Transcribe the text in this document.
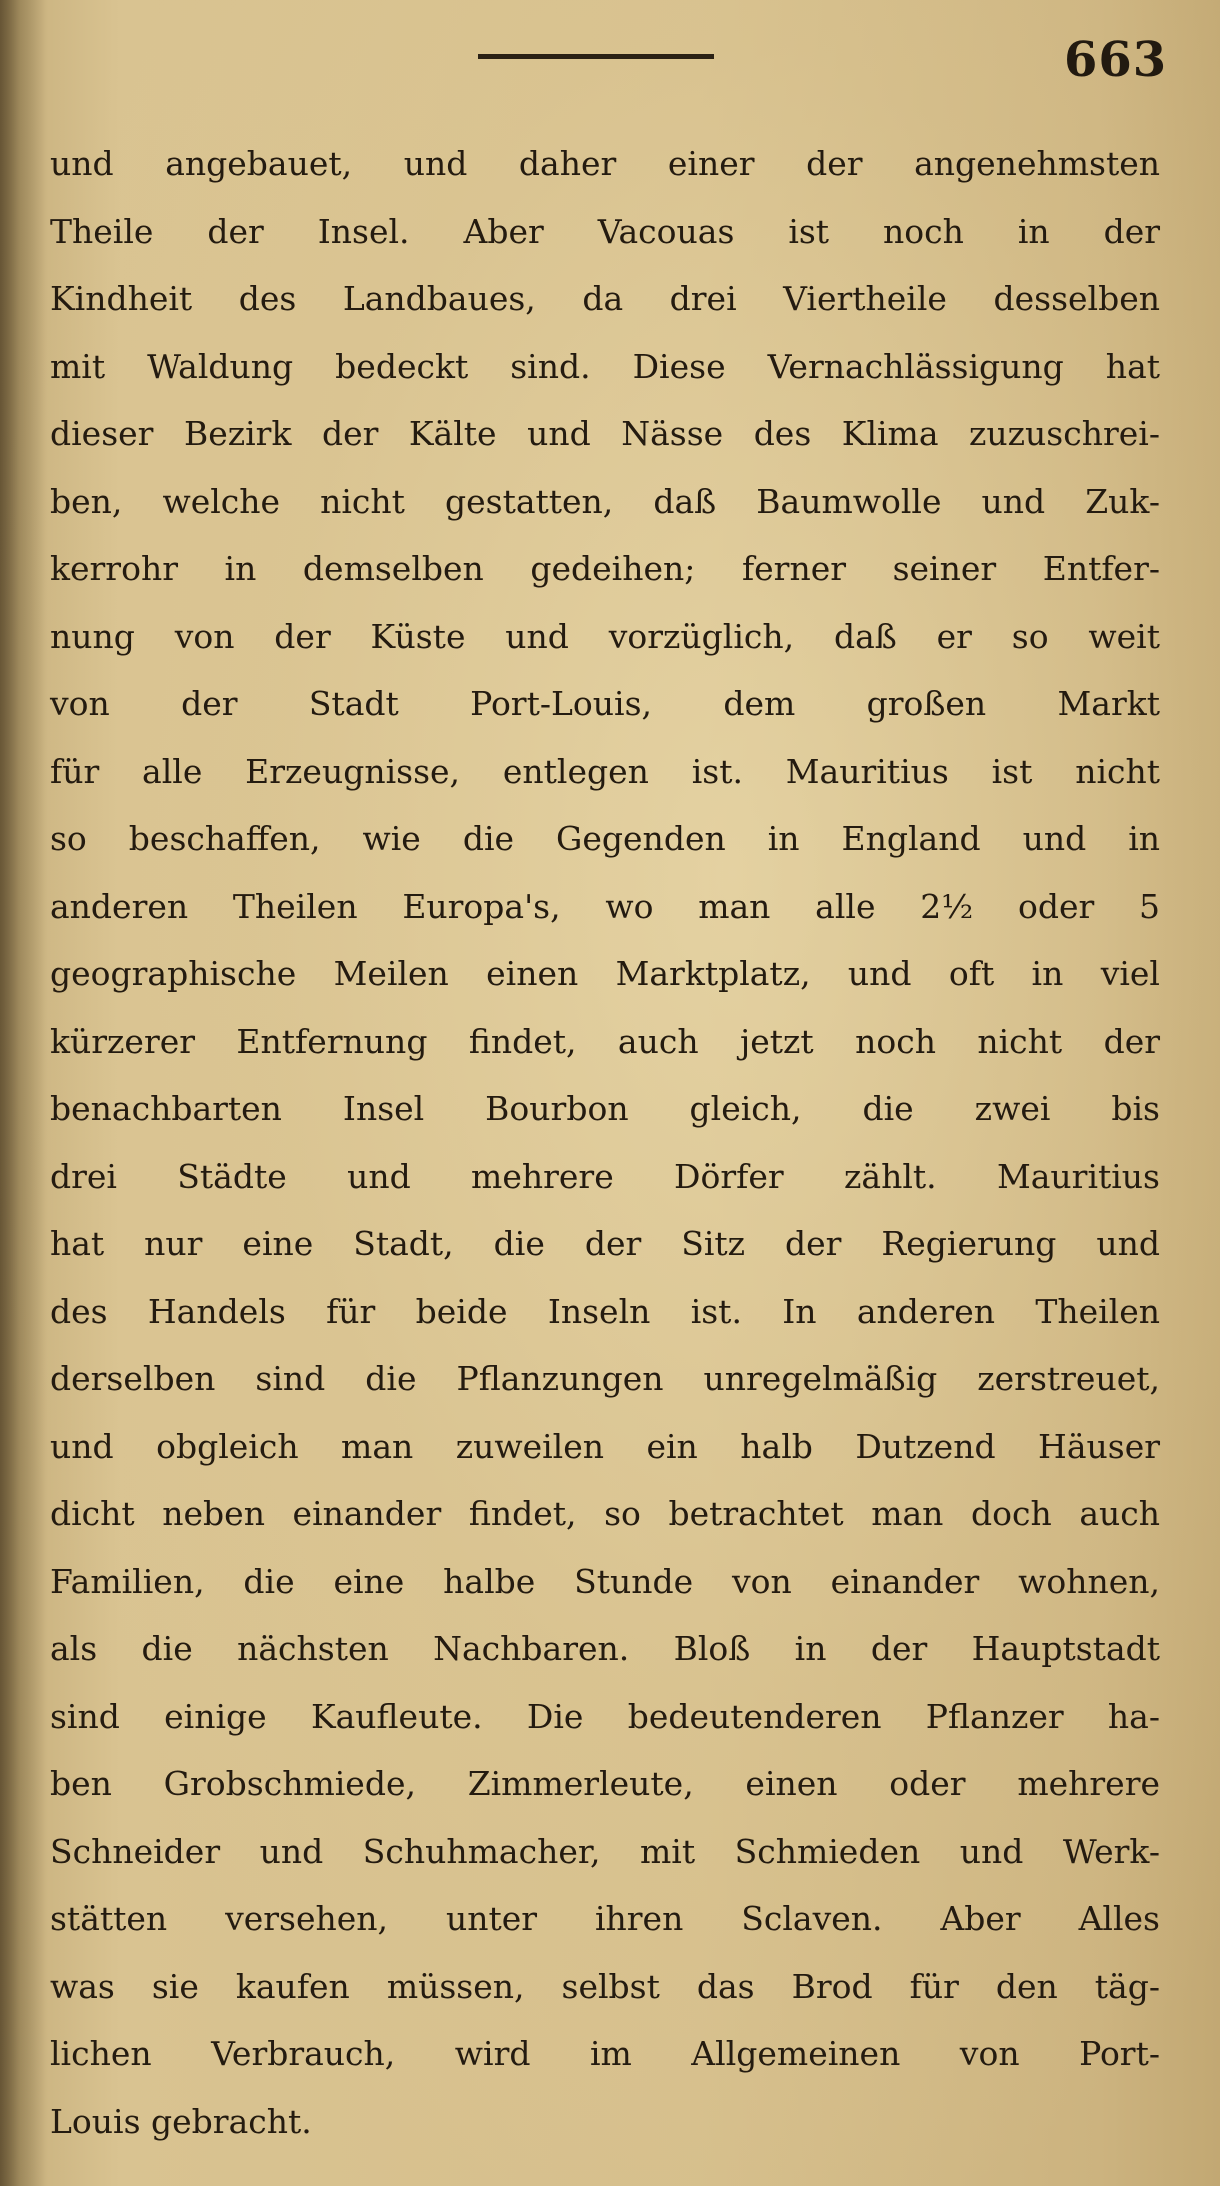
663
und angebauet, und daher einer der angenehmsten
Theile der Insel. Aber Vacouas ist noch in der
Kindheit des Landbaues, da drei Viertheile desselben
mit Waldung bedeckt sind. Diese Vernachlässigung hat
dieser Bezirk der Kälte und Nässe des Klima zuzuschrei-
ben, welche nicht gestatten, daß Baumwolle und Zuk-
kerrohr in demselben gedeihen; ferner seiner Entfer-
nung von der Küste und vorzüglich, daß er so weit
von der Stadt Port-Louis, dem großen Markt
für alle Erzeugnisse, entlegen ist. Mauritius ist nicht
so beschaffen, wie die Gegenden in England und in
anderen Theilen Europa's, wo man alle 2½ oder 5
geographische Meilen einen Marktplatz, und oft in viel
kürzerer Entfernung findet, auch jetzt noch nicht der
benachbarten Insel Bourbon gleich, die zwei bis
drei Städte und mehrere Dörfer zählt. Mauritius
hat nur eine Stadt, die der Sitz der Regierung und
des Handels für beide Inseln ist. In anderen Theilen
derselben sind die Pflanzungen unregelmäßig zerstreuet,
und obgleich man zuweilen ein halb Dutzend Häuser
dicht neben einander findet, so betrachtet man doch auch
Familien, die eine halbe Stunde von einander wohnen,
als die nächsten Nachbaren. Bloß in der Hauptstadt
sind einige Kaufleute. Die bedeutenderen Pflanzer ha-
ben Grobschmiede, Zimmerleute, einen oder mehrere
Schneider und Schuhmacher, mit Schmieden und Werk-
stätten versehen, unter ihren Sclaven. Aber Alles
was sie kaufen müssen, selbst das Brod für den täg-
lichen Verbrauch, wird im Allgemeinen von Port-
Louis gebracht.
